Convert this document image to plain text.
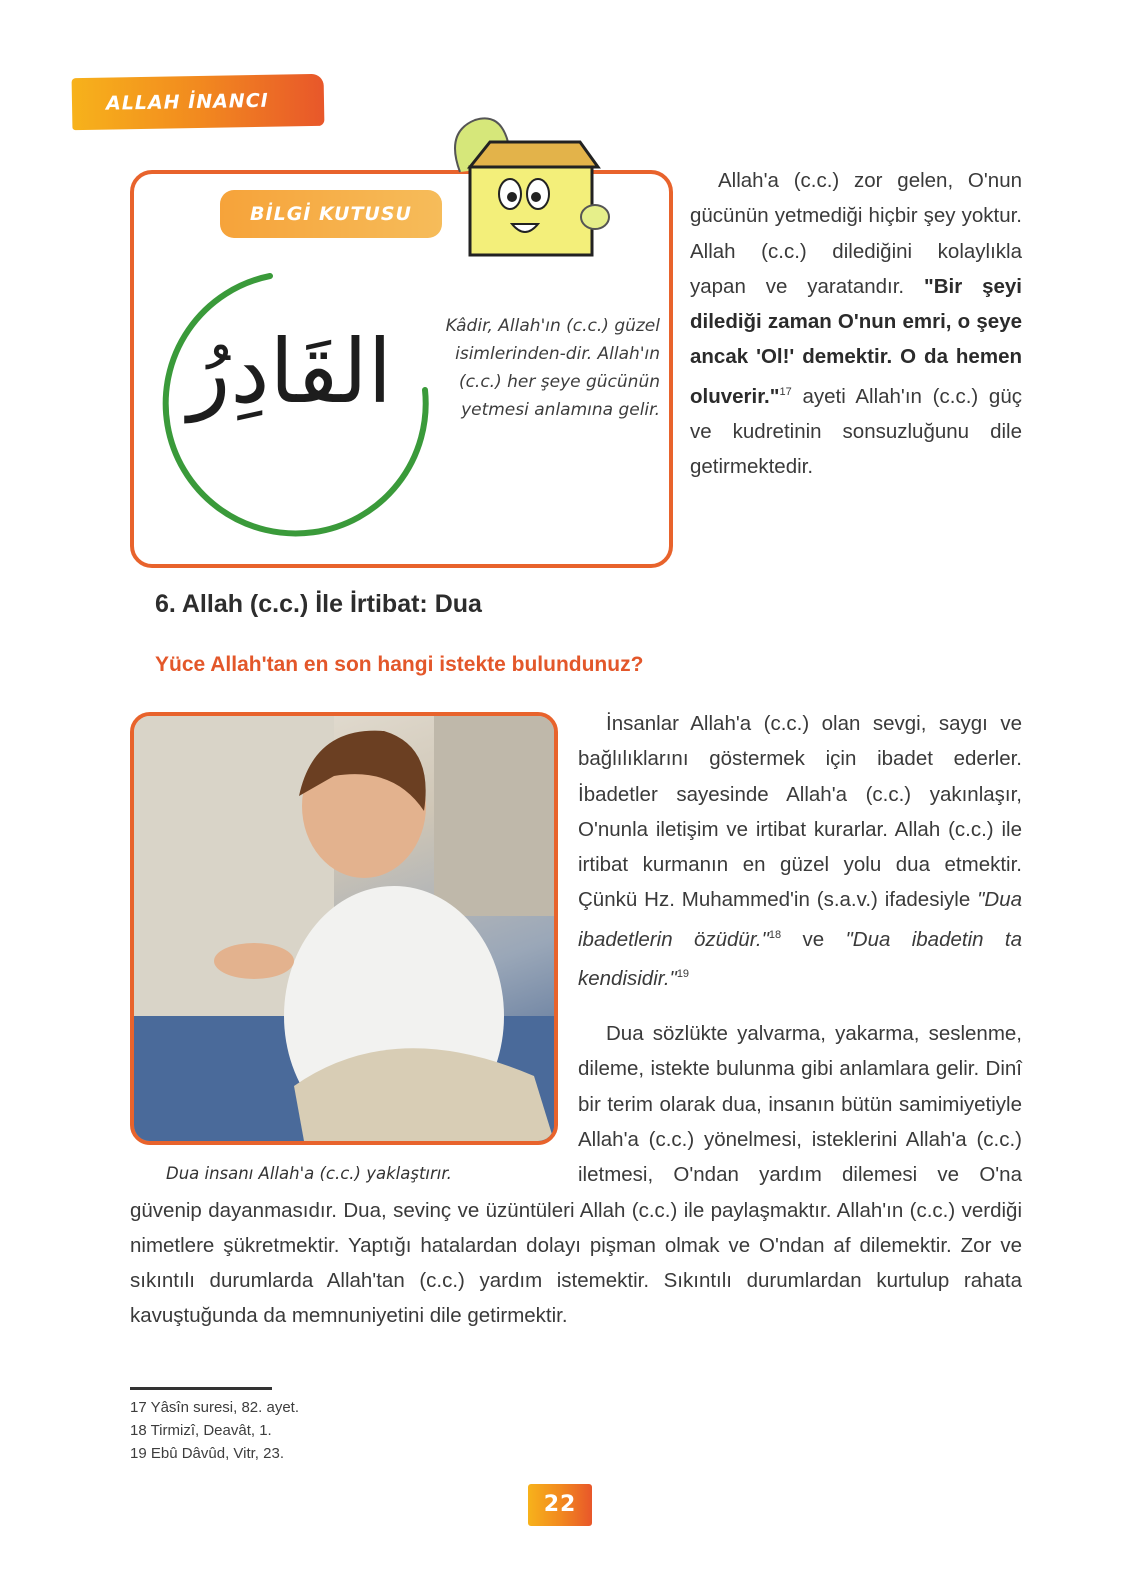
ALLAH İNANCI
BİLGİ KUTUSU
القَادِرُ	Kâdir, Allah'ın (c.c.) güzel isimlerinden-dir. Allah'ın (c.c.) her şeye gücünün yetmesi anlamına gelir.

Allah'a (c.c.) zor gelen, O'nun gücünün yetmediği hiçbir şey yoktur. Allah (c.c.) dilediğini kolaylıkla yapan ve yaratandır. "Bir şeyi dilediği zaman O'nun emri, o şeye ancak 'Ol!' demektir. O da hemen oluverir."$^{17}$ ayeti Allah'ın (c.c.) güç ve kudretinin sonsuzluğunu dile getirmektedir.

6. Allah (c.c.) İle İrtibat: Dua
Yüce Allah'tan en son hangi istekte bulundunuz?
Dua insanı Allah'a (c.c.) yaklaştırır.

İnsanlar Allah'a (c.c.) olan sevgi, saygı ve bağlılıklarını göstermek için ibadet ederler. İbadetler sayesinde Allah'a (c.c.) yakınlaşır, O'nunla iletişim ve irtibat kurarlar. Allah (c.c.) ile irtibat kurmanın en güzel yolu dua etmektir. Çünkü Hz. Muhammed'in (s.a.v.) ifadesiyle "Dua ibadetlerin özüdür."$^{18}$ ve "Dua ibadetin ta kendisidir."$^{19}$

Dua sözlükte yalvarma, yakarma, seslenme, dileme, istekte bulunma gibi anlamlara gelir. Dinî bir terim olarak dua, insanın bütün samimiyetiyle Allah'a (c.c.) yönelmesi, isteklerini Allah'a (c.c.) iletmesi, O'ndan yardım dilemesi ve O'na güvenip dayanmasıdır. Dua, sevinç ve üzüntüleri Allah (c.c.) ile paylaşmaktır. Allah'ın (c.c.) verdiği nimetlere şükretmektir. Yaptığı hatalardan dolayı pişman olmak ve O'ndan af dilemektir. Zor ve sıkıntılı durumlarda Allah'tan (c.c.) yardım istemektir. Sıkıntılı durumlardan kurtulup rahata kavuştuğunda da memnuniyetini dile getirmektir.

17 Yâsîn suresi, 82. ayet.
18 Tirmizî, Deavât, 1.
19 Ebû Dâvûd, Vitr, 23.
22
